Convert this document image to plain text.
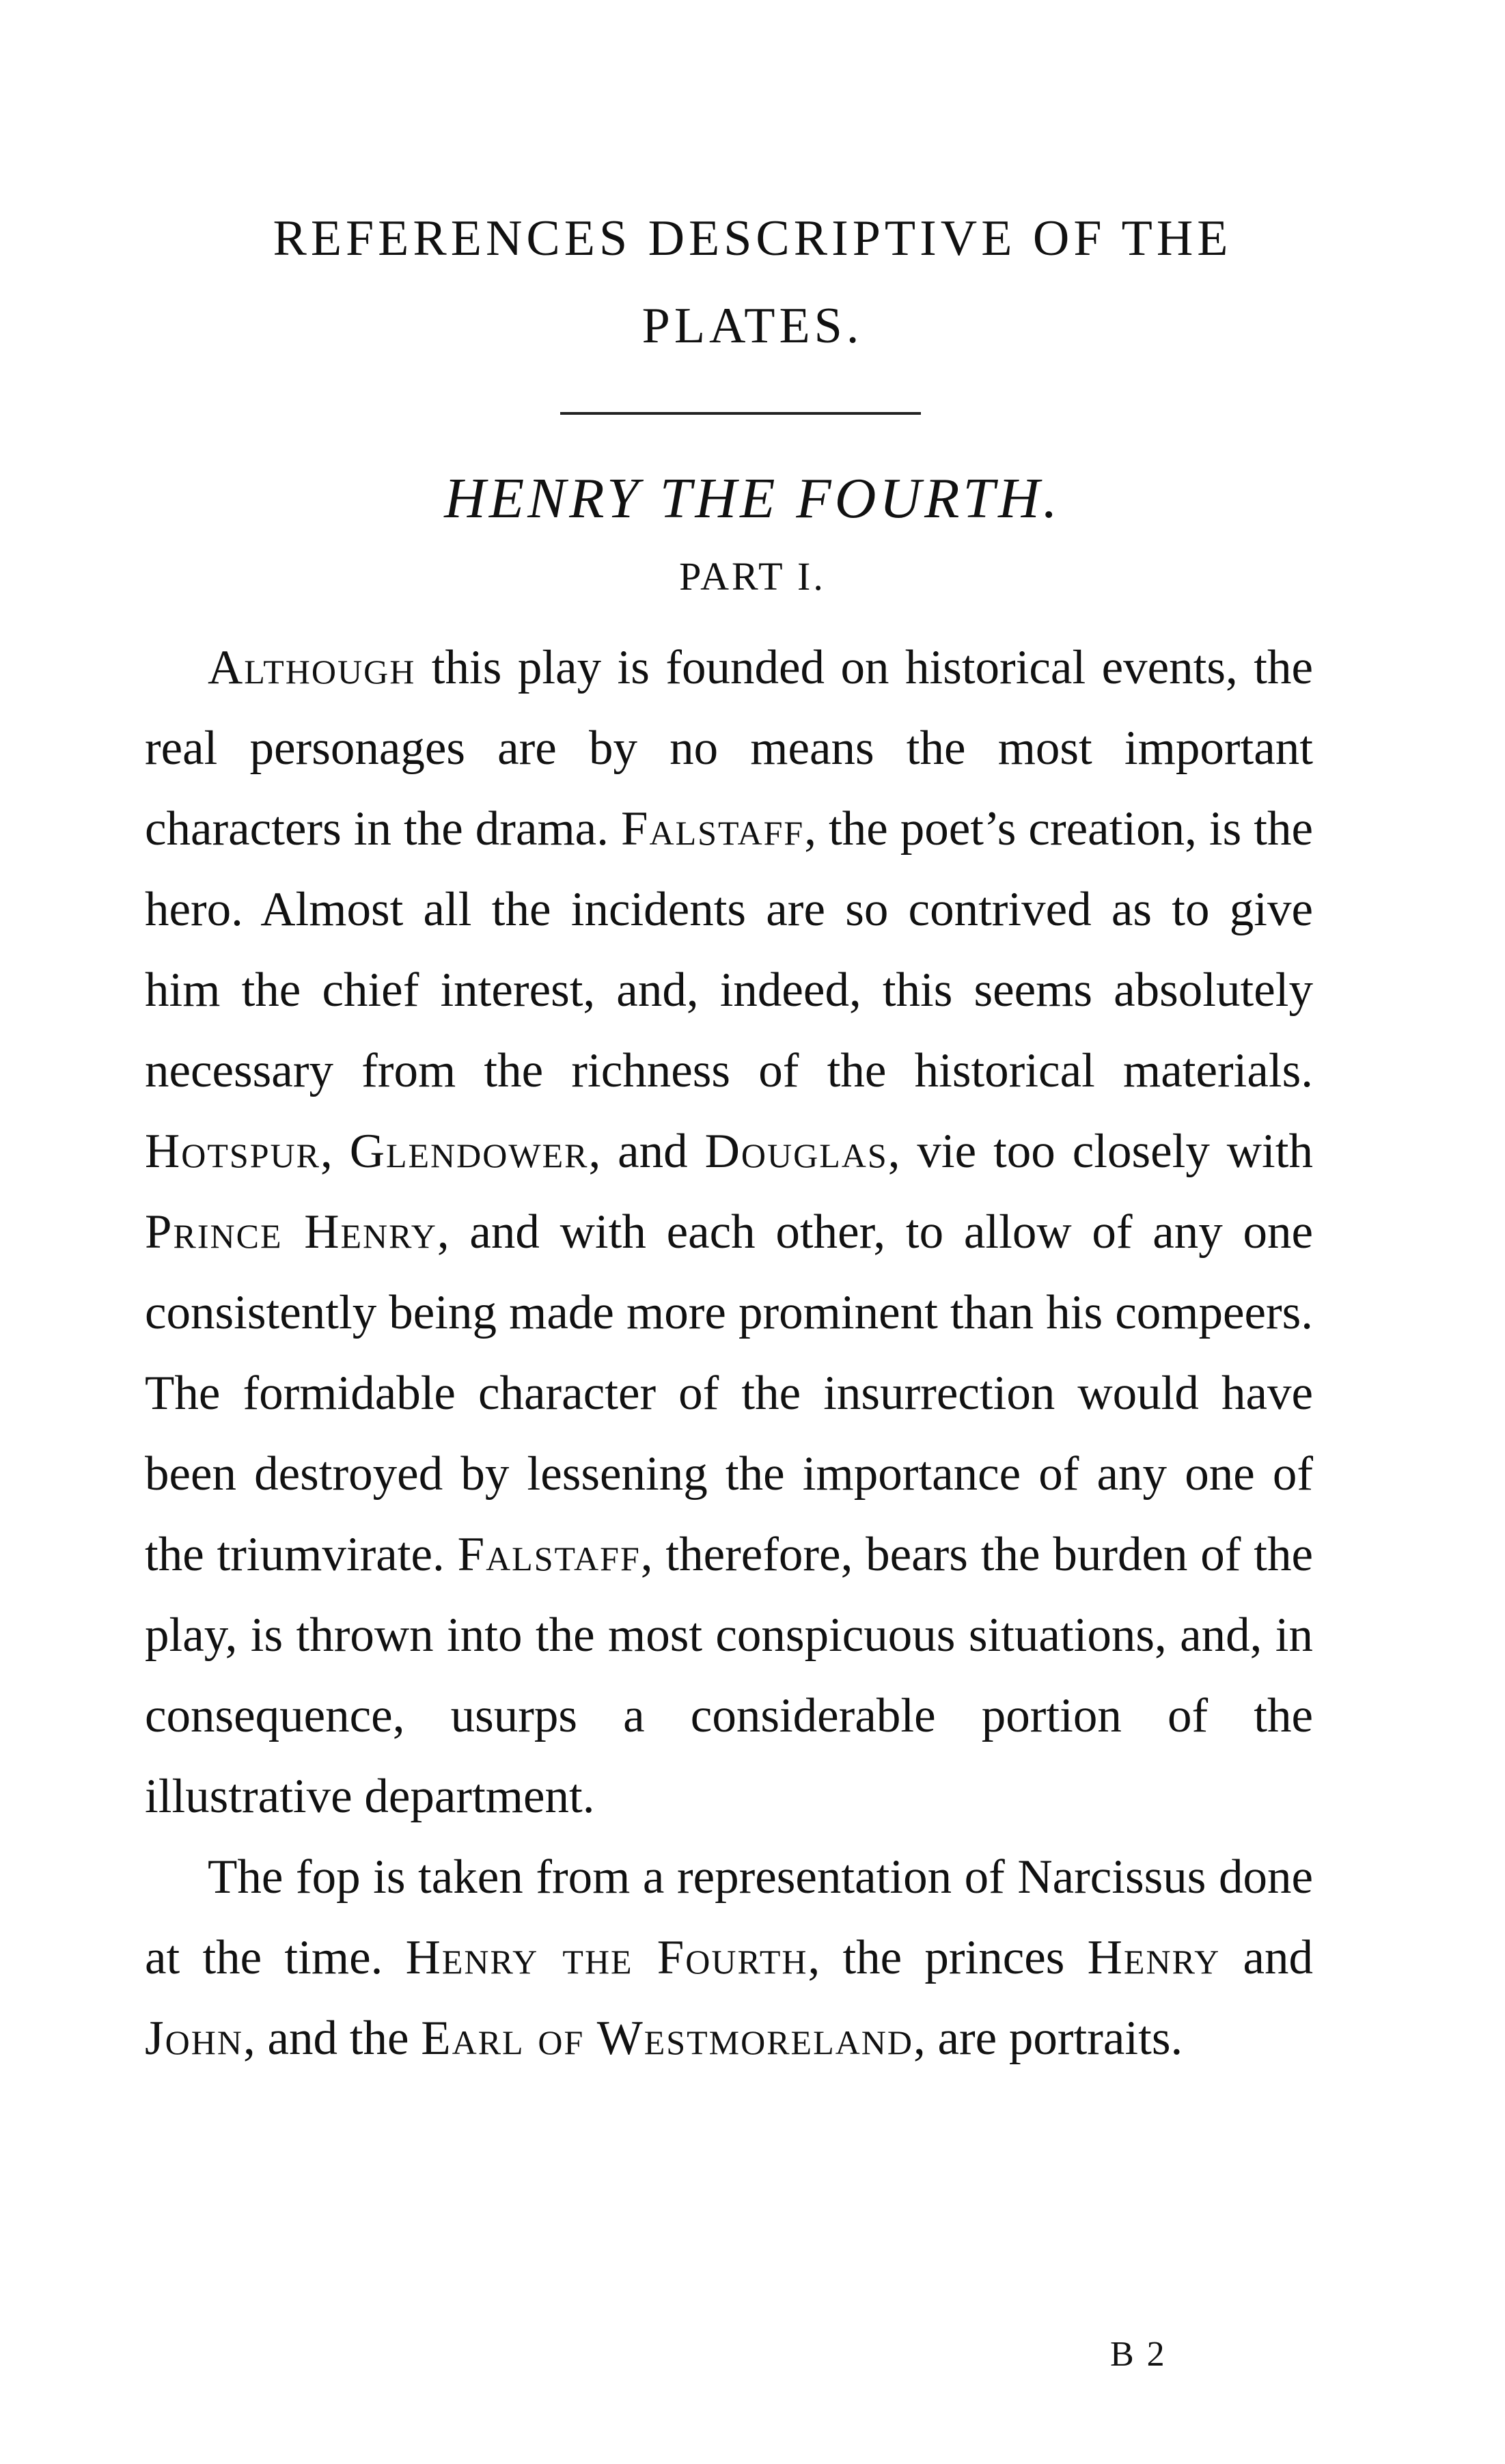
REFERENCES DESCRIPTIVE OF THE
PLATES.
HENRY THE FOURTH.
PART I.

Although this play is founded on historical events, the real personages are by no means the most important characters in the drama. Falstaff, the poet’s creation, is the hero. Almost all the incidents are so contrived as to give him the chief interest, and, indeed, this seems absolutely necessary from the richness of the historical materials. Hotspur, Glendower, and Douglas, vie too closely with Prince Henry, and with each other, to allow of any one consistently being made more prominent than his compeers. The formidable character of the insurrection would have been destroyed by lessening the importance of any one of the triumvirate. Falstaff, therefore, bears the burden of the play, is thrown into the most conspicuous situations, and, in consequence, usurps a considerable portion of the illustrative department.

The fop is taken from a representation of Narcissus done at the time. Henry the Fourth, the princes Henry and John, and the Earl of Westmoreland, are portraits.

B 2
